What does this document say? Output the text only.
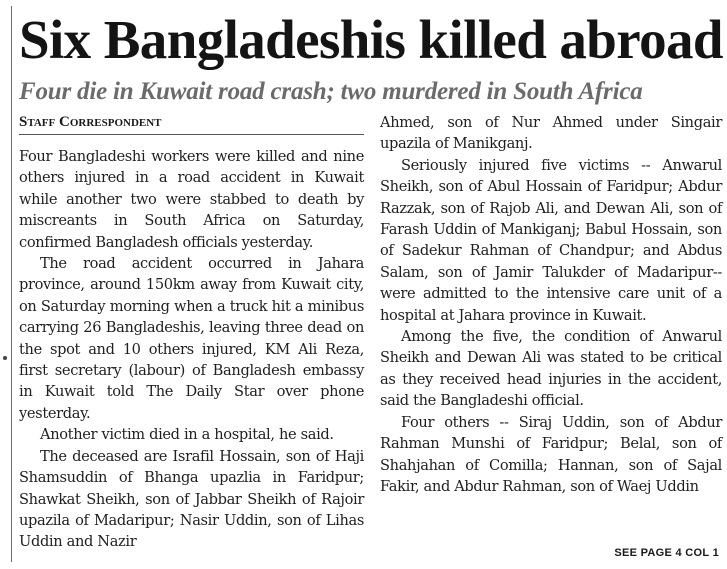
Six Bangladeshis killed abroad
Four die in Kuwait road crash; two murdered in South Africa
Staff Correspondent

Four Bangladeshi workers were killed and nine others injured in a road accident in Kuwait while another two were stabbed to death by miscreants in South Africa on Saturday, confirmed Bangladesh officials yesterday.

The road accident occurred in Jahara province, around 150km away from Kuwait city, on Saturday morning when a truck hit a minibus carrying 26 Bangladeshis, leaving three dead on the spot and 10 others injured, KM Ali Reza, first secretary (labour) of Bangladesh embassy in Kuwait told The Daily Star over phone yesterday.

Another victim died in a hospital, he said.

The deceased are Israfil Hossain, son of Haji Shamsuddin of Bhanga upazlia in Faridpur; Shawkat Sheikh, son of Jabbar Sheikh of Rajoir upazila of Madaripur; Nasir Uddin, son of Lihas Uddin and Nazir

Ahmed, son of Nur Ahmed under Singair upazila of Manikganj.

Seriously injured five victims -- Anwarul Sheikh, son of Abul Hossain of Faridpur; Abdur Razzak, son of Rajob Ali, and Dewan Ali, son of Farash Uddin of Mankiganj; Babul Hossain, son of Sadekur Rahman of Chandpur; and Abdus Salam, son of Jamir Talukder of Madaripur--were admitted to the intensive care unit of a hospital at Jahara province in Kuwait.

Among the five, the condition of Anwarul Sheikh and Dewan Ali was stated to be critical as they received head injuries in the accident, said the Bangladeshi official.

Four others -- Siraj Uddin, son of Abdur Rahman Munshi of Faridpur; Belal, son of Shahjahan of Comilla; Hannan, son of Sajal Fakir, and Abdur Rahman, son of Waej Uddin

SEE PAGE 4 COL 1
